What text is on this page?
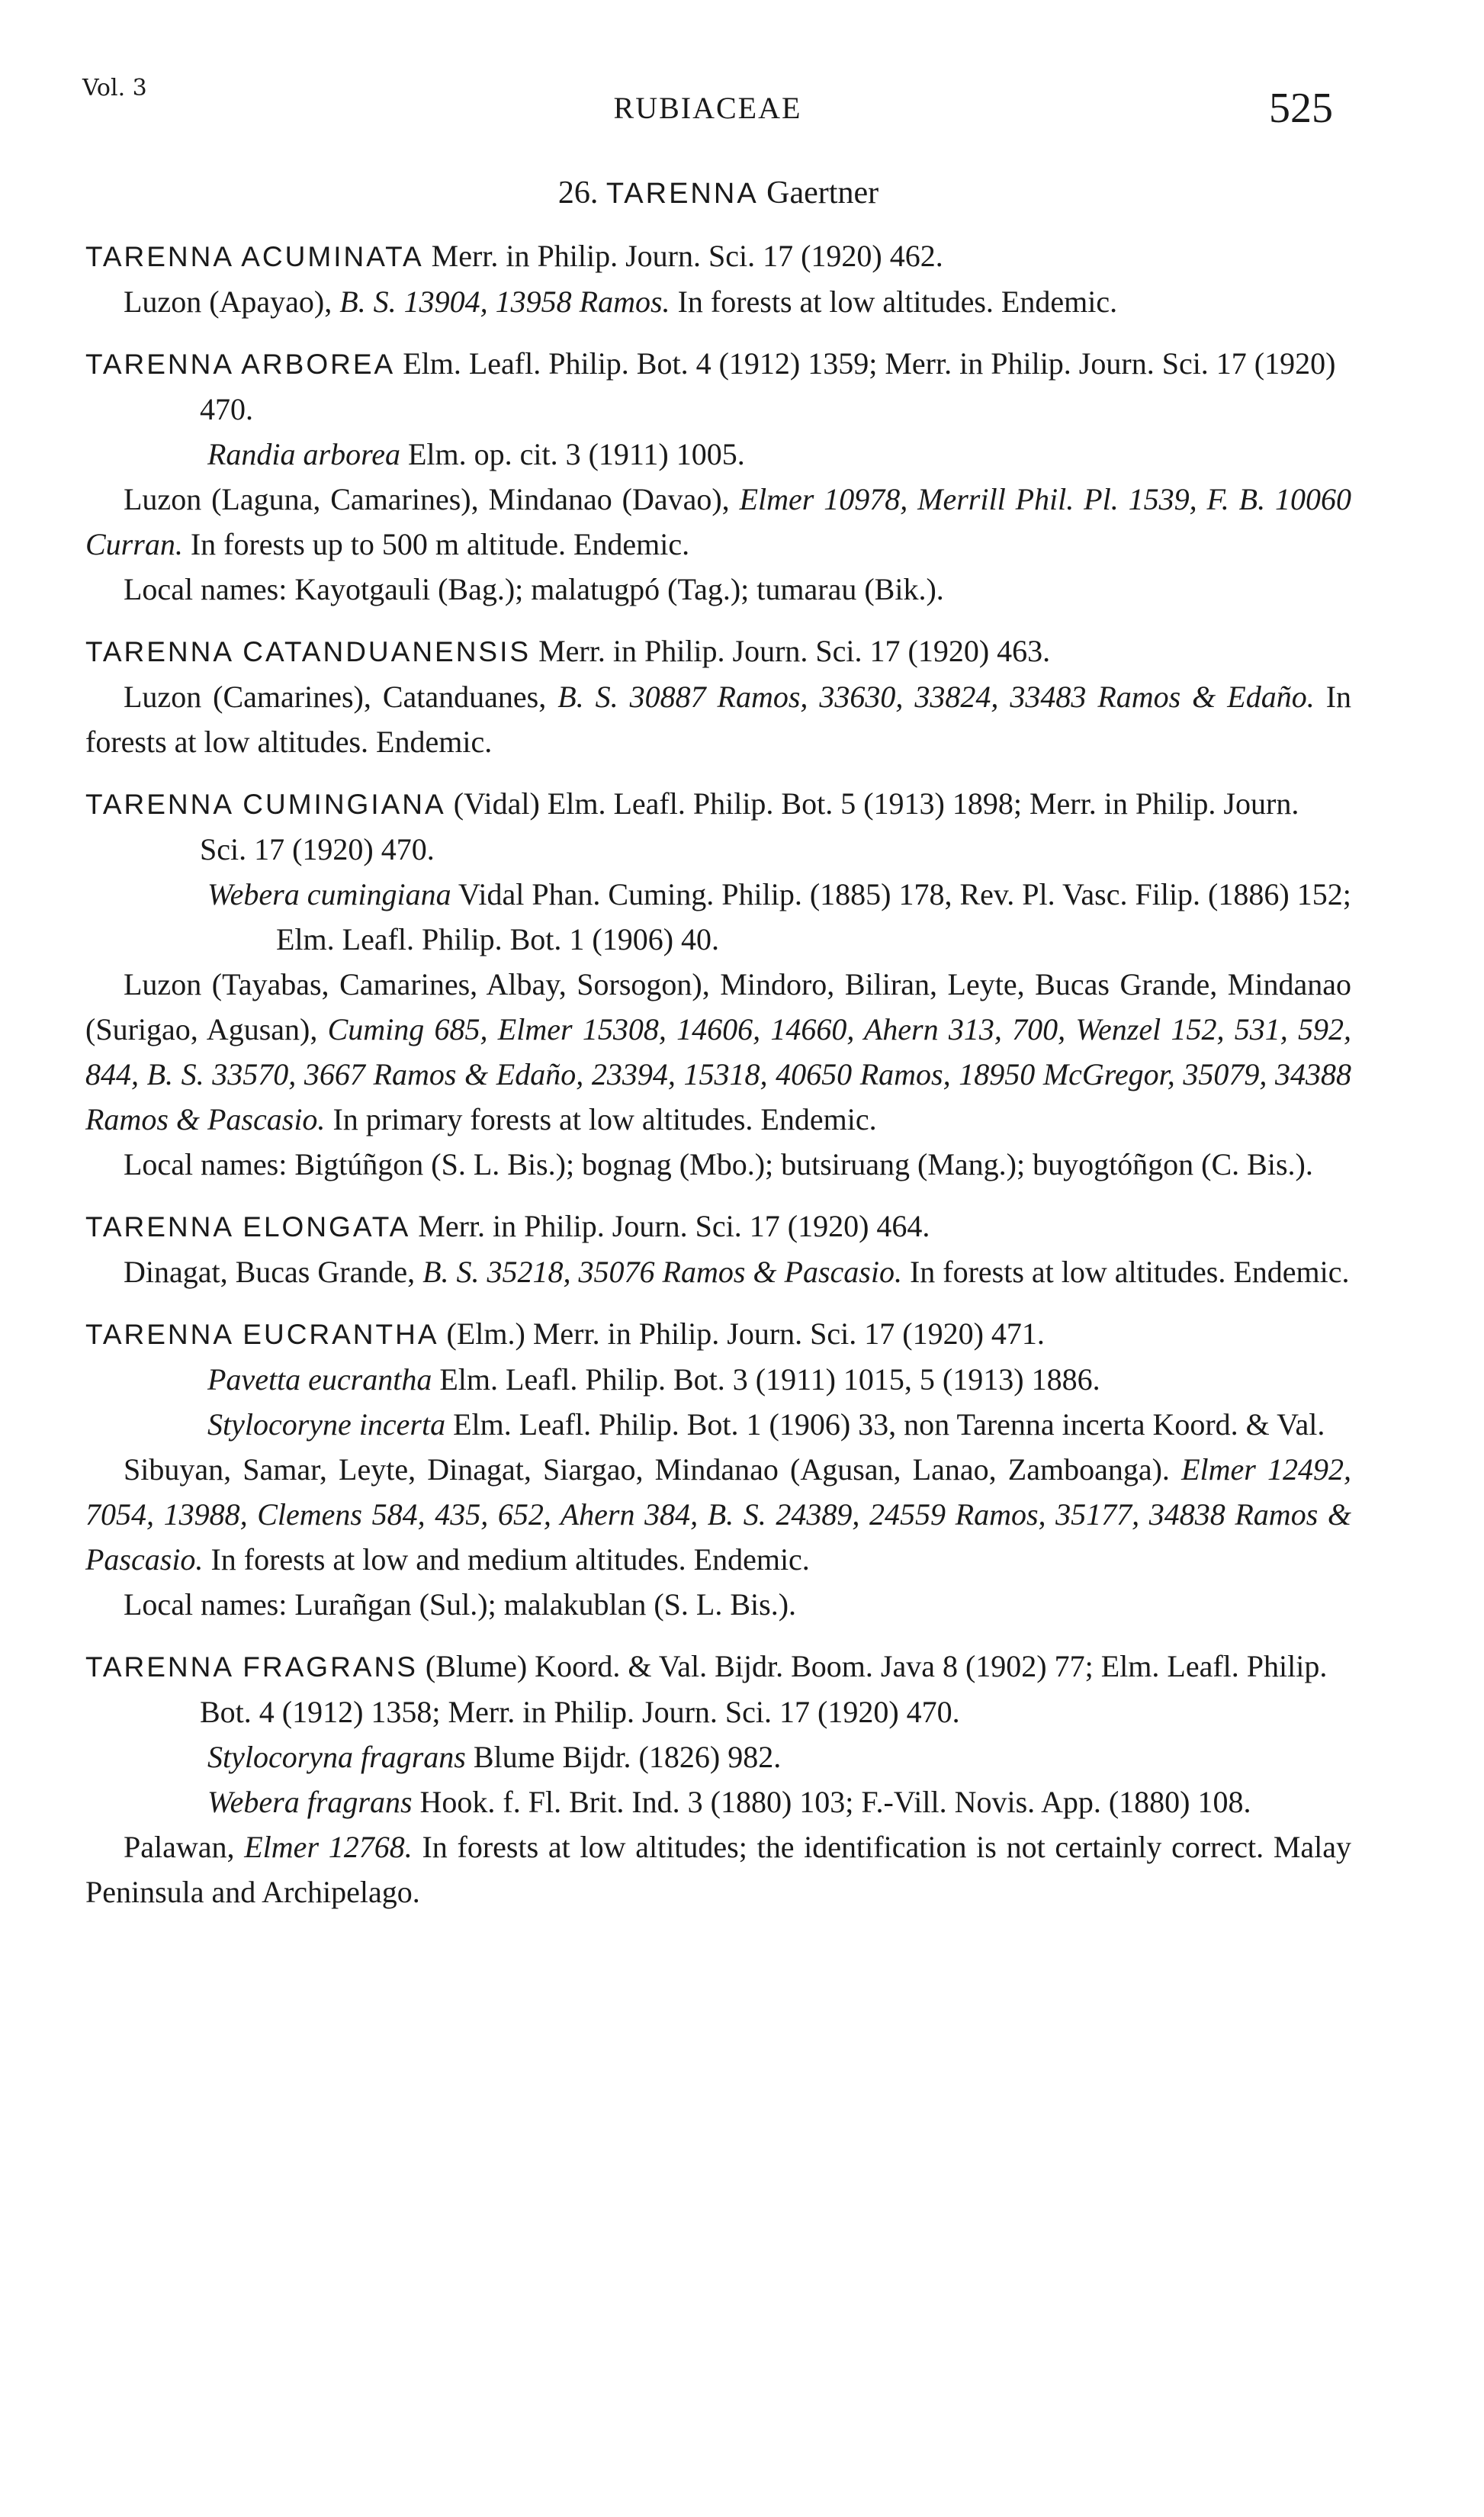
Vol. 3
RUBIACEAE	525
26. TARENNA Gaertner

TARENNA ACUMINATA Merr. in Philip. Journ. Sci. 17 (1920) 462.

Luzon (Apayao), B. S. 13904, 13958 Ramos. In forests at low altitudes. Endemic.

TARENNA ARBOREA Elm. Leafl. Philip. Bot. 4 (1912) 1359; Merr. in Philip. Journ. Sci. 17 (1920) 470.

Randia arborea Elm. op. cit. 3 (1911) 1005.

Luzon (Laguna, Camarines), Mindanao (Davao), Elmer 10978, Merrill Phil. Pl. 1539, F. B. 10060 Curran. In forests up to 500 m altitude. Endemic.

Local names: Kayotgauli (Bag.); malatugpó (Tag.); tumarau (Bik.).

TARENNA CATANDUANENSIS Merr. in Philip. Journ. Sci. 17 (1920) 463.

Luzon (Camarines), Catanduanes, B. S. 30887 Ramos, 33630, 33824, 33483 Ramos & Edaño. In forests at low altitudes. Endemic.

TARENNA CUMINGIANA (Vidal) Elm. Leafl. Philip. Bot. 5 (1913) 1898; Merr. in Philip. Journ. Sci. 17 (1920) 470.

Webera cumingiana Vidal Phan. Cuming. Philip. (1885) 178, Rev. Pl. Vasc. Filip. (1886) 152; Elm. Leafl. Philip. Bot. 1 (1906) 40.

Luzon (Tayabas, Camarines, Albay, Sorsogon), Mindoro, Biliran, Leyte, Bucas Grande, Mindanao (Surigao, Agusan), Cuming 685, Elmer 15308, 14606, 14660, Ahern 313, 700, Wenzel 152, 531, 592, 844, B. S. 33570, 3667 Ramos & Edaño, 23394, 15318, 40650 Ramos, 18950 McGregor, 35079, 34388 Ramos & Pascasio. In primary forests at low altitudes. Endemic.

Local names: Bigtúñgon (S. L. Bis.); bognag (Mbo.); butsiruang (Mang.); buyogtóñgon (C. Bis.).

TARENNA ELONGATA Merr. in Philip. Journ. Sci. 17 (1920) 464.

Dinagat, Bucas Grande, B. S. 35218, 35076 Ramos & Pascasio. In forests at low altitudes. Endemic.

TARENNA EUCRANTHA (Elm.) Merr. in Philip. Journ. Sci. 17 (1920) 471.

Pavetta eucrantha Elm. Leafl. Philip. Bot. 3 (1911) 1015, 5 (1913) 1886.

Stylocoryne incerta Elm. Leafl. Philip. Bot. 1 (1906) 33, non Tarenna incerta Koord. & Val.

Sibuyan, Samar, Leyte, Dinagat, Siargao, Mindanao (Agusan, Lanao, Zamboanga). Elmer 12492, 7054, 13988, Clemens 584, 435, 652, Ahern 384, B. S. 24389, 24559 Ramos, 35177, 34838 Ramos & Pascasio. In forests at low and medium altitudes. Endemic.

Local names: Lurañgan (Sul.); malakublan (S. L. Bis.).

TARENNA FRAGRANS (Blume) Koord. & Val. Bijdr. Boom. Java 8 (1902) 77; Elm. Leafl. Philip. Bot. 4 (1912) 1358; Merr. in Philip. Journ. Sci. 17 (1920) 470.

Stylocoryna fragrans Blume Bijdr. (1826) 982.

Webera fragrans Hook. f. Fl. Brit. Ind. 3 (1880) 103; F.-Vill. Novis. App. (1880) 108.

Palawan, Elmer 12768. In forests at low altitudes; the identification is not certainly correct. Malay Peninsula and Archipelago.
